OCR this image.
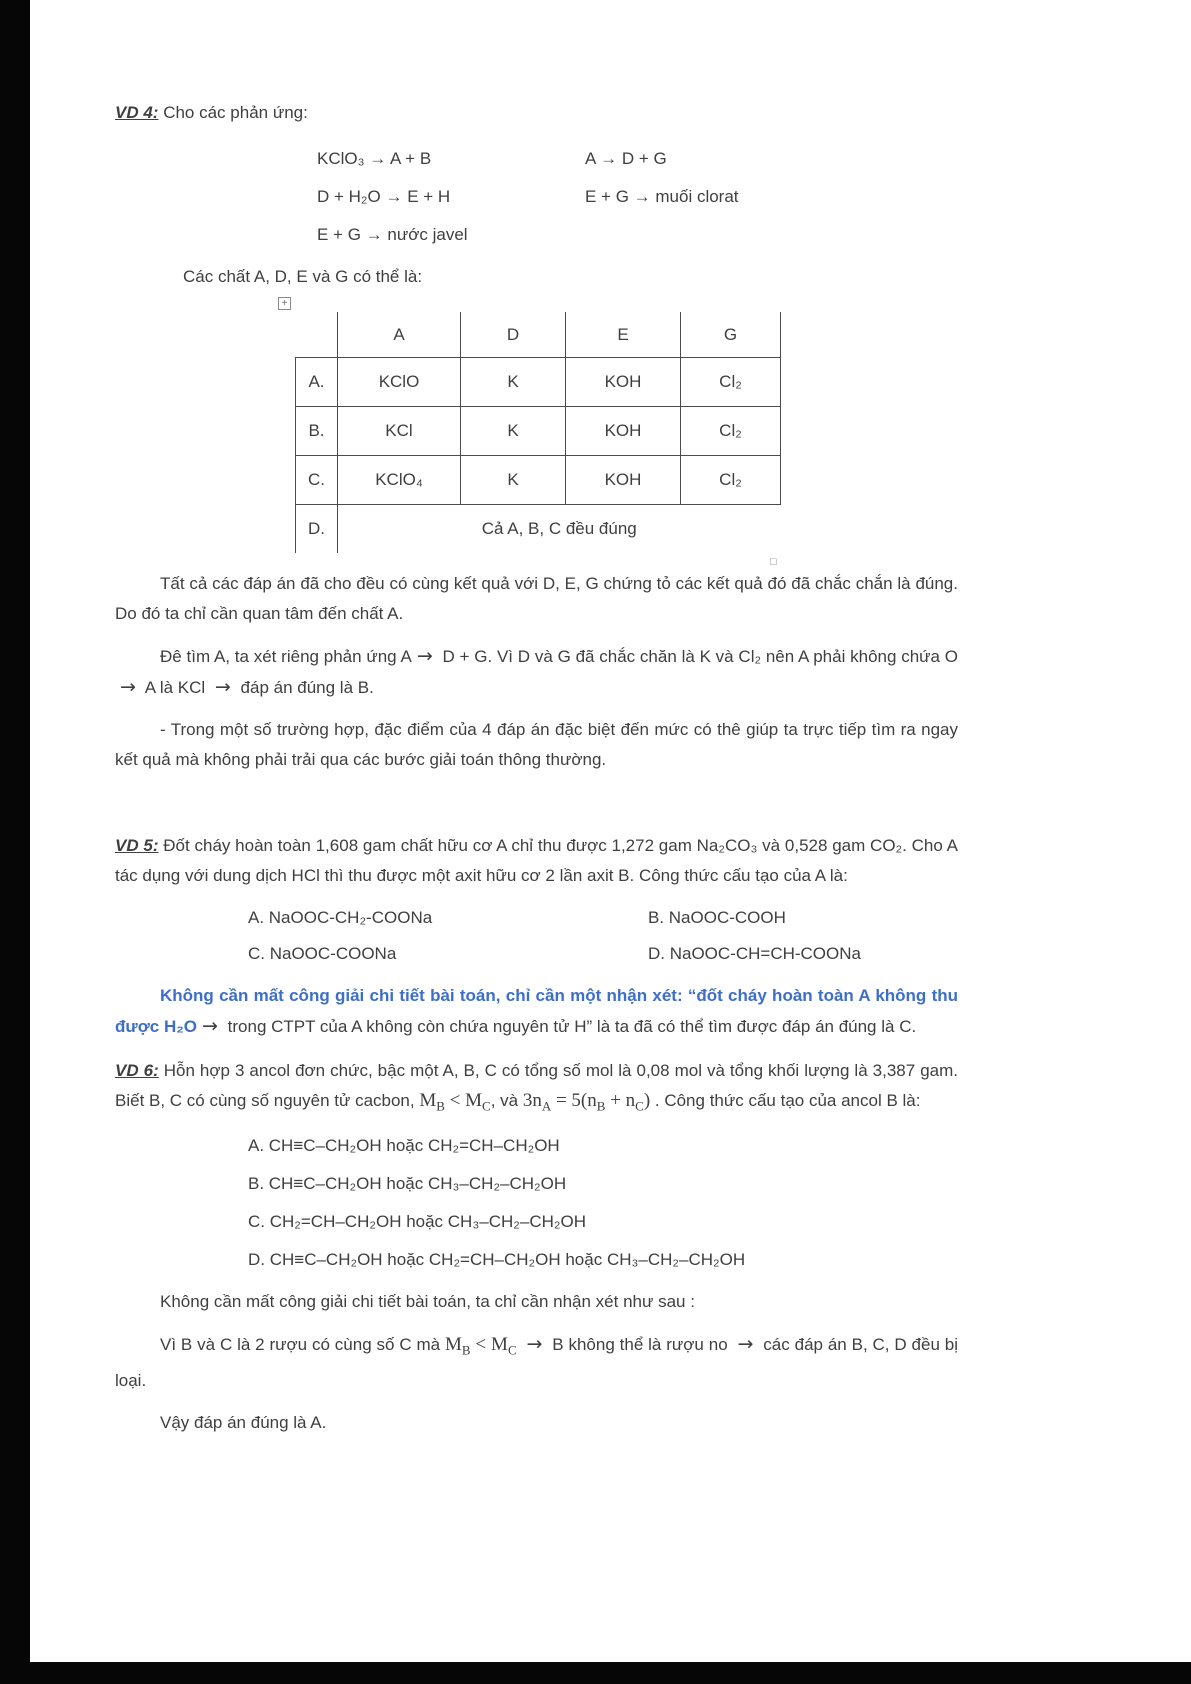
VD 4: Cho các phản ứng:

KClO₃ → A + B	A → D + G
D + H₂O → E + H	E + G → muối clorat
E + G → nước javel

Các chất A, D, E và G có thể là:

+
	A	D	E	G
A.	KClO	K	KOH	Cl₂
B.	KCl	K	KOH	Cl₂
C.	KClO₄	K	KOH	Cl₂
D.	Cả A, B, C đều đúng			

Tất cả các đáp án đã cho đều có cùng kết quả với D, E, G chứng tỏ các kết quả đó đã chắc chắn là đúng. Do đó ta chỉ cần quan tâm đến chất A.
□

Đê tìm A, ta xét riêng phản ứng A → D + G. Vì D và G đã chắc chăn là K và Cl₂ nên A phải không chứa O → A là KCl → đáp án đúng là B.

- Trong một số trường hợp, đặc điểm của 4 đáp án đặc biệt đến mức có thê giúp ta trực tiếp tìm ra ngay kết quả mà không phải trải qua các bước giải toán thông thường.

VD 5: Đốt cháy hoàn toàn 1,608 gam chất hữu cơ A chỉ thu được 1,272 gam Na₂CO₃ và 0,528 gam CO₂. Cho A tác dụng với dung dịch HCl thì thu được một axit hữu cơ 2 lần axit B. Công thức cấu tạo của A là:

A. NaOOC-CH₂-COONa	B. NaOOC-COOH
C. NaOOC-COONa	D. NaOOC-CH=CH-COONa

Không cần mất công giải chi tiết bài toán, chỉ cần một nhận xét: “đốt cháy hoàn toàn A không thu được H₂O → trong CTPT của A không còn chứa nguyên tử H” là ta đã có thể tìm được đáp án đúng là C.

VD 6: Hỗn hợp 3 ancol đơn chức, bậc một A, B, C có tổng số mol là 0,08 mol và tổng khối lượng là 3,387 gam. Biết B, C có cùng số nguyên tử cacbon, $M_B < M_C$, và $3n_A = 5(n_B + n_C)$ . Công thức cấu tạo của ancol B là:

A. CH≡C–CH₂OH hoặc CH₂=CH–CH₂OH

B. CH≡C–CH₂OH hoặc CH₃–CH₂–CH₂OH

C. CH₂=CH–CH₂OH hoặc CH₃–CH₂–CH₂OH

D. CH≡C–CH₂OH hoặc CH₂=CH–CH₂OH hoặc CH₃–CH₂–CH₂OH

Không cần mất công giải chi tiết bài toán, ta chỉ cần nhận xét như sau :

Vì B và C là 2 rượu có cùng số C mà $M_B < M_C \to B$ không thể là rượu no → các đáp án B, C, D đều bị loại.

Vậy đáp án đúng là A.
